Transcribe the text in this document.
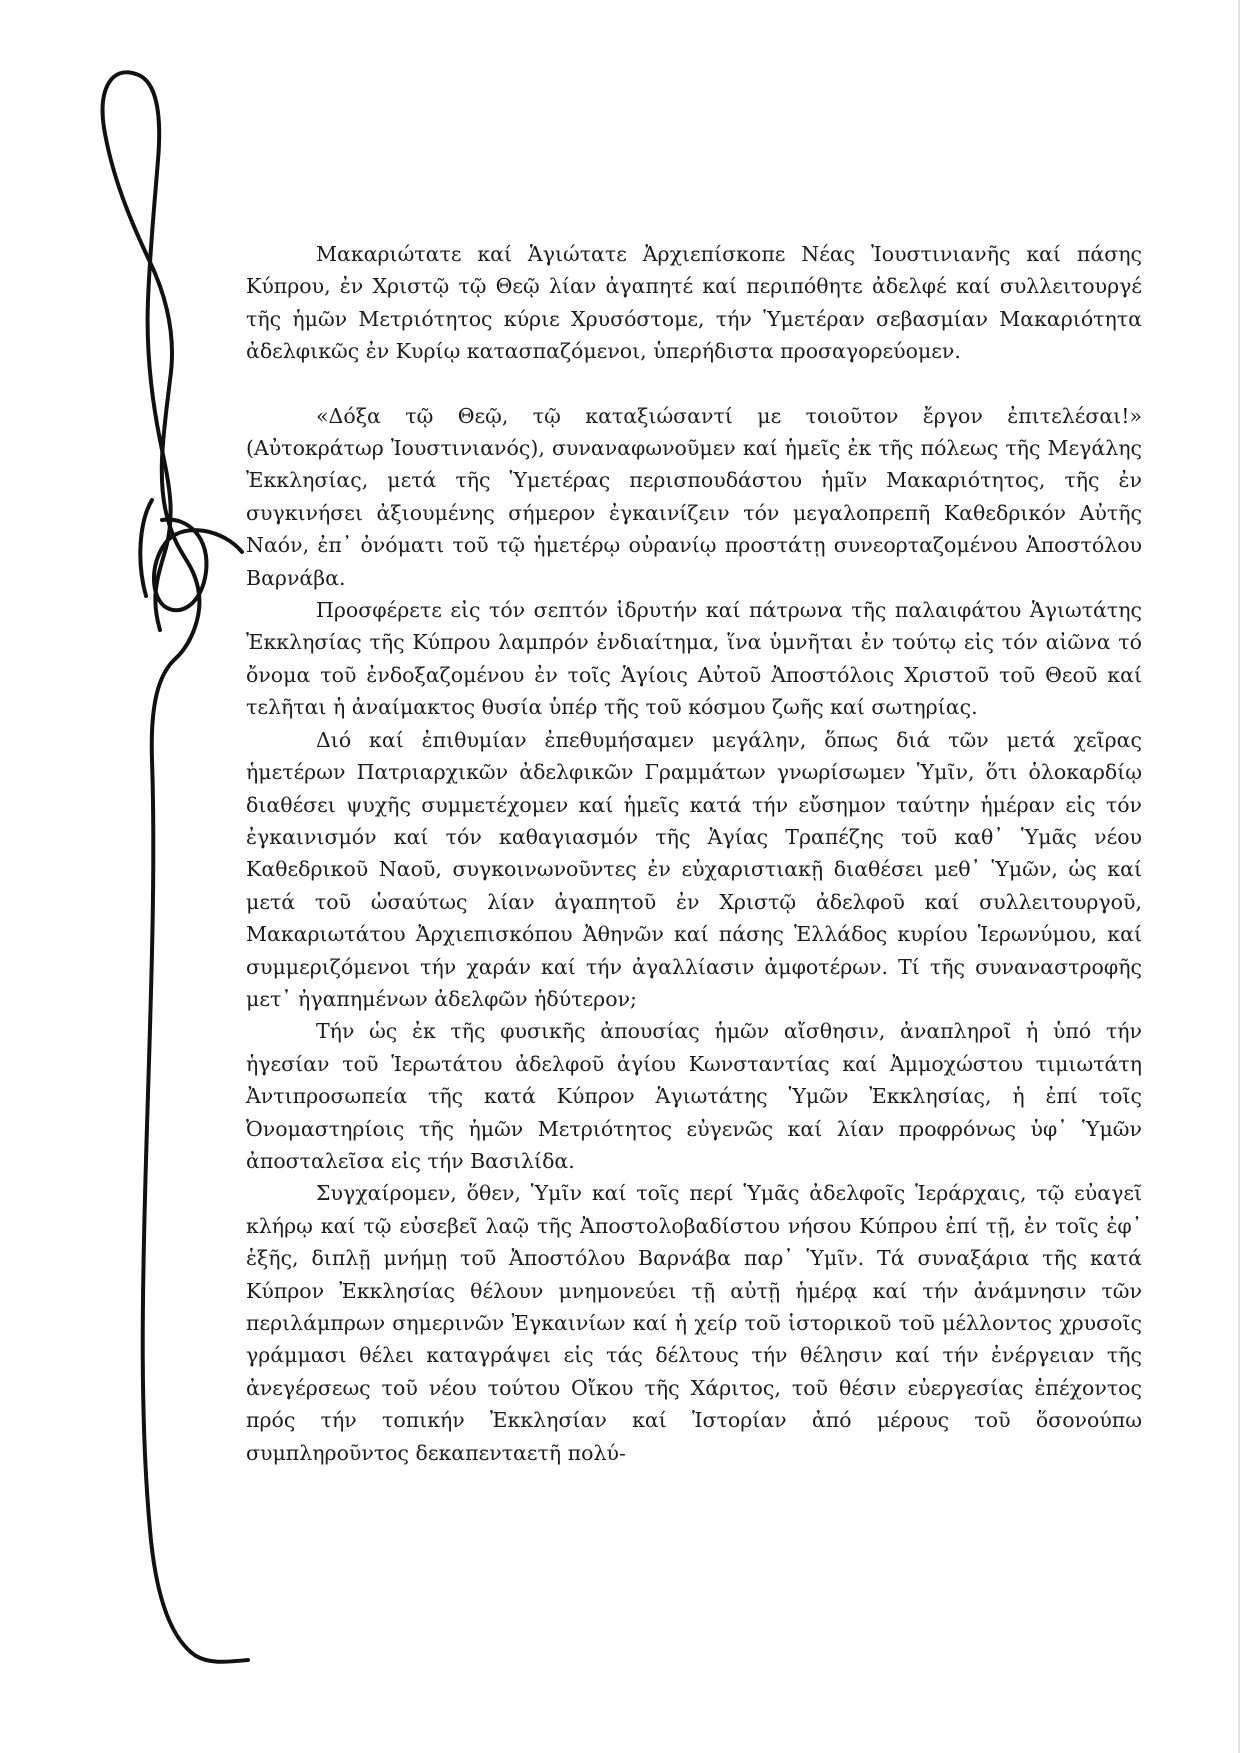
Μακαριώτατε καί Ἁγιώτατε Ἀρχιεπίσκοπε Νέας Ἰουστινιανῆς καί πάσης Κύπρου, ἐν Χριστῷ τῷ Θεῷ λίαν ἀγαπητέ καί περιπόθητε ἀδελφέ καί συλλειτουργέ τῆς ἡμῶν Μετριότητος κύριε Χρυσόστομε, τήν Ὑμετέραν σεβασμίαν Μακαριότητα ἀδελφικῶς ἐν Κυρίῳ κατασπαζόμενοι, ὑπερήδιστα προσαγορεύομεν.

«Δόξα τῷ Θεῷ, τῷ καταξιώσαντί με τοιοῦτον ἔργον ἐπιτελέσαι!» (Αὐτοκράτωρ Ἰουστινιανός), συναναφωνοῦμεν καί ἡμεῖς ἐκ τῆς πόλεως τῆς Μεγάλης Ἐκκλησίας, μετά τῆς Ὑμετέρας περισπουδάστου ἡμῖν Μακαριότητος, τῆς ἐν συγκινήσει ἀξιουμένης σήμερον ἐγκαινίζειν τόν μεγαλοπρεπῆ Καθεδρικόν Αὐτῆς Ναόν, ἐπ᾽ ὀνόματι τοῦ τῷ ἡμετέρῳ οὐρανίῳ προστάτῃ συνεορταζομένου Ἀποστόλου Βαρνάβα.

Προσφέρετε εἰς τόν σεπτόν ἱδρυτήν καί πάτρωνα τῆς παλαιφάτου Ἁγιωτάτης Ἐκκλησίας τῆς Κύπρου λαμπρόν ἐνδιαίτημα, ἵνα ὑμνῆται ἐν τούτῳ εἰς τόν αἰῶνα τό ὄνομα τοῦ ἐνδοξαζομένου ἐν τοῖς Ἁγίοις Αὐτοῦ Ἀποστόλοις Χριστοῦ τοῦ Θεοῦ καί τελῆται ἡ ἀναίμακτος θυσία ὑπέρ τῆς τοῦ κόσμου ζωῆς καί σωτηρίας.

Διό καί ἐπιθυμίαν ἐπεθυμήσαμεν μεγάλην, ὅπως διά τῶν μετά χεῖρας ἡμετέρων Πατριαρχικῶν ἀδελφικῶν Γραμμάτων γνωρίσωμεν Ὑμῖν, ὅτι ὁλοκαρδίῳ διαθέσει ψυχῆς συμμετέχομεν καί ἡμεῖς κατά τήν εὔσημον ταύτην ἡμέραν εἰς τόν ἐγκαινισμόν καί τόν καθαγιασμόν τῆς Ἁγίας Τραπέζης τοῦ καθ᾽ Ὑμᾶς νέου Καθεδρικοῦ Ναοῦ, συγκοινωνοῦντες ἐν εὐχαριστιακῇ διαθέσει μεθ᾽ Ὑμῶν, ὡς καί μετά τοῦ ὡσαύτως λίαν ἀγαπητοῦ ἐν Χριστῷ ἀδελφοῦ καί συλλειτουργοῦ, Μακαριωτάτου Ἀρχιεπισκόπου Ἀθηνῶν καί πάσης Ἑλλάδος κυρίου Ἱερωνύμου, καί συμμεριζόμενοι τήν χαράν καί τήν ἀγαλλίασιν ἀμφοτέρων. Τί τῆς συναναστροφῆς μετ᾽ ἠγαπημένων ἀδελφῶν ἡδύτερον;

Τήν ὡς ἐκ τῆς φυσικῆς ἀπουσίας ἡμῶν αἴσθησιν, ἀναπληροῖ ἡ ὑπό τήν ἡγεσίαν τοῦ Ἱερωτάτου ἀδελφοῦ ἁγίου Κωνσταντίας καί Ἀμμοχώστου τιμιωτάτη Ἀντιπροσωπεία τῆς κατά Κύπρον Ἁγιωτάτης Ὑμῶν Ἐκκλησίας, ἡ ἐπί τοῖς Ὀνομαστηρίοις τῆς ἡμῶν Μετριότητος εὐγενῶς καί λίαν προφρόνως ὑφ᾽ Ὑμῶν ἀποσταλεῖσα εἰς τήν Βασιλίδα.

Συγχαίρομεν, ὅθεν, Ὑμῖν καί τοῖς περί Ὑμᾶς ἀδελφοῖς Ἱεράρχαις, τῷ εὐαγεῖ κλήρῳ καί τῷ εὐσεβεῖ λαῷ τῆς Ἀποστολοβαδίστου νήσου Κύπρου ἐπί τῇ, ἐν τοῖς ἐφ᾽ ἑξῆς, διπλῇ μνήμῃ τοῦ Ἀποστόλου Βαρνάβα παρ᾽ Ὑμῖν. Τά συναξάρια τῆς κατά Κύπρον Ἐκκλησίας θέλουν μνημονεύει τῇ αὐτῇ ἡμέρᾳ καί τήν ἀνάμνησιν τῶν περιλάμπρων σημερινῶν Ἐγκαινίων καί ἡ χείρ τοῦ ἱστορικοῦ τοῦ μέλλοντος χρυσοῖς γράμμασι θέλει καταγράψει εἰς τάς δέλτους τήν θέλησιν καί τήν ἐνέργειαν τῆς ἀνεγέρσεως τοῦ νέου τούτου Οἴκου τῆς Χάριτος, τοῦ θέσιν εὐεργεσίας ἐπέχοντος πρός τήν τοπικήν Ἐκκλησίαν καί Ἱστορίαν ἀπό μέρους τοῦ ὅσονούπω συμπληροῦντος δεκαπενταετῆ πολύ-
